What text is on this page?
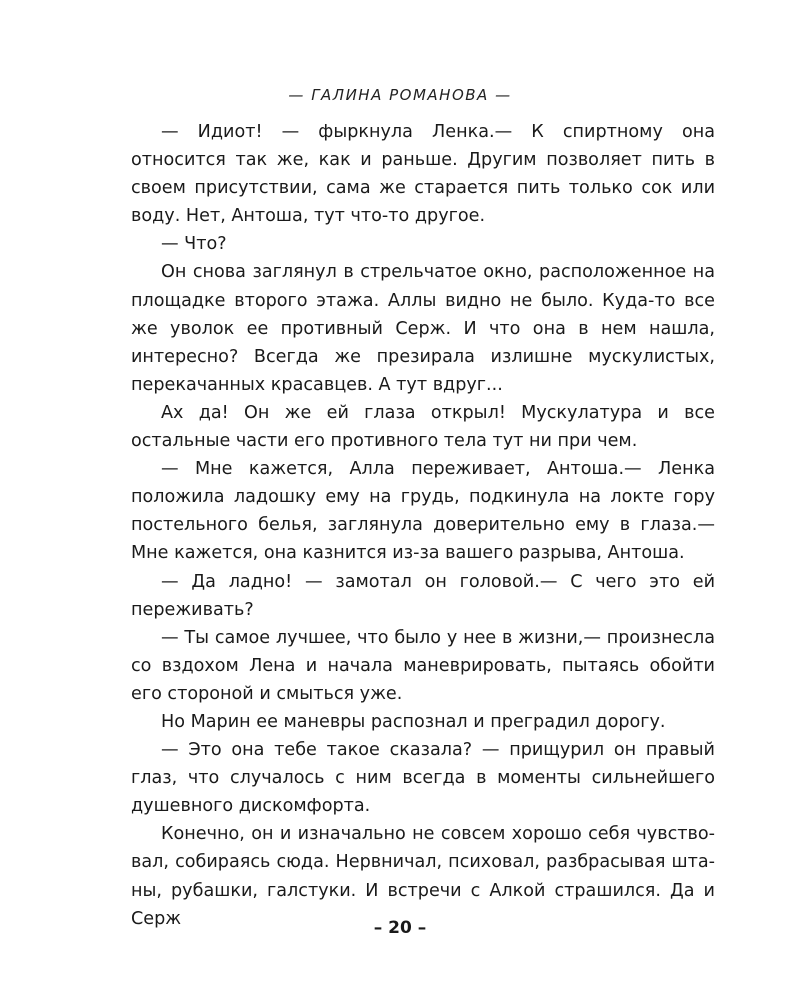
— ГАЛИНА РОМАНОВА —

— Идиот! — фыркнула Ленка.— К спиртному она относится так же, как и раньше. Другим позволяет пить в своем присутствии, сама же старается пить только сок или воду. Нет, Антоша, тут что-то другое.

— Что?

Он снова заглянул в стрельчатое окно, расположенное на площадке второго этажа. Аллы видно не было. Куда-то все же уволок ее противный Серж. И что она в нем нашла, интересно? Всегда же презирала излишне мускулистых, перекачанных красавцев. А тут вдруг...

Ах да! Он же ей глаза открыл! Мускулатура и все остальные части его противного тела тут ни при чем.

— Мне кажется, Алла переживает, Антоша.— Ленка положила ладошку ему на грудь, подкинула на локте гору постельного белья, заглянула доверительно ему в глаза.— Мне кажется, она казнится из-за вашего разрыва, Антоша.

— Да ладно! — замотал он головой.— С чего это ей переживать?

— Ты самое лучшее, что было у нее в жизни,— произнесла со вздохом Лена и начала маневрировать, пытаясь обойти его стороной и смыться уже.

Но Марин ее маневры распознал и преградил дорогу.

— Это она тебе такое сказала? — прищурил он правый глаз, что случалось с ним всегда в моменты сильнейшего душевного дискомфорта.

Конечно, он и изначально не совсем хорошо себя чувствовал, собираясь сюда. Нервничал, психовал, разбрасывая штаны, рубашки, галстуки. И встречи с Алкой страшился. Да и Серж	– 20 –
